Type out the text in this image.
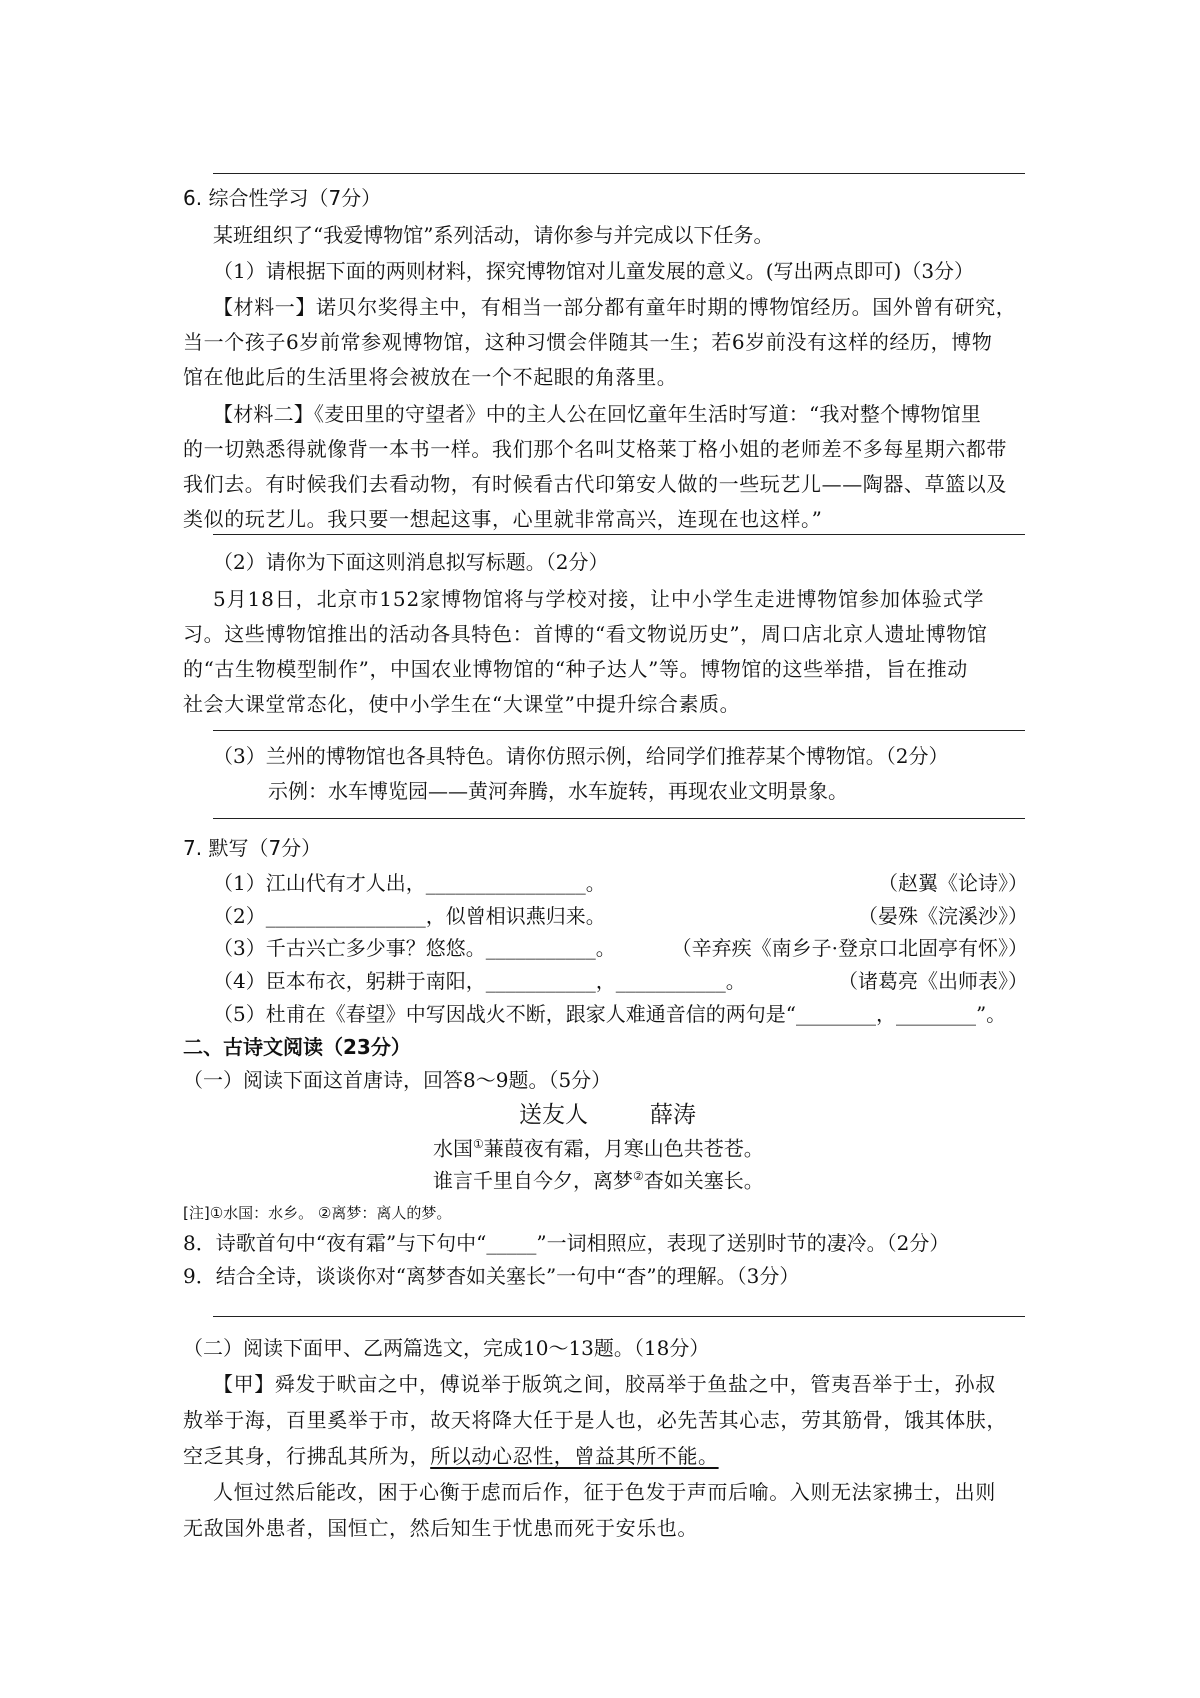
6. 综合性学习（7分）
某班组织了“我爱博物馆”系列活动，请你参与并完成以下任务。
（1）请根据下面的两则材料，探究博物馆对儿童发展的意义。(写出两点即可)（3分）
【材料一】诺贝尔奖得主中，有相当一部分都有童年时期的博物馆经历。国外曾有研究，
当一个孩子6岁前常参观博物馆，这种习惯会伴随其一生；若6岁前没有这样的经历，博物
馆在他此后的生活里将会被放在一个不起眼的角落里。
【材料二】《麦田里的守望者》中的主人公在回忆童年生活时写道：“我对整个博物馆里
的一切熟悉得就像背一本书一样。我们那个名叫艾格莱丁格小姐的老师差不多每星期六都带
我们去。有时候我们去看动物，有时候看古代印第安人做的一些玩艺儿——陶器、草篮以及
类似的玩艺儿。我只要一想起这事，心里就非常高兴，连现在也这样。”
（2）请你为下面这则消息拟写标题。（2分）
5月18日，北京市152家博物馆将与学校对接，让中小学生走进博物馆参加体验式学
习。这些博物馆推出的活动各具特色：首博的“看文物说历史”，周口店北京人遗址博物馆
的“古生物模型制作”，中国农业博物馆的“种子达人”等。博物馆的这些举措，旨在推动
社会大课堂常态化，使中小学生在“大课堂”中提升综合素质。
（3）兰州的博物馆也各具特色。请你仿照示例，给同学们推荐某个博物馆。（2分）
示例：水车博览园——黄河奔腾，水车旋转，再现农业文明景象。
7. 默写（7分）
（1）江山代有才人出，________________。	（赵翼《论诗》）
（2）________________，似曾相识燕归来。	（晏殊《浣溪沙》）
（3）千古兴亡多少事？悠悠。___________。	（辛弃疾《南乡子·登京口北固亭有怀》）
（4）臣本布衣，躬耕于南阳，___________，___________。	（诸葛亮《出师表》）
（5）杜甫在《春望》中写因战火不断，跟家人难通音信的两句是“________，________”。
二、古诗文阅读（23分）
（一）阅读下面这首唐诗，回答8～9题。（5分）
送友人	薛涛
水国①蒹葭夜有霜，月寒山色共苍苍。
谁言千里自今夕，离梦②杳如关塞长。
[注]①水国：水乡。 ②离梦：离人的梦。
8．诗歌首句中“夜有霜”与下句中“_____”一词相照应，表现了送别时节的凄冷。（2分）
9．结合全诗，谈谈你对“离梦杳如关塞长”一句中“杳”的理解。（3分）
（二）阅读下面甲、乙两篇选文，完成10～13题。（18分）
【甲】舜发于畎亩之中，傅说举于版筑之间，胶鬲举于鱼盐之中，管夷吾举于士，孙叔
敖举于海，百里奚举于市，故天将降大任于是人也，必先苦其心志，劳其筋骨，饿其体肤，
空乏其身，行拂乱其所为，所以动心忍性，曾益其所不能。
人恒过然后能改，困于心衡于虑而后作，征于色发于声而后喻。入则无法家拂士，出则
无敌国外患者，国恒亡，然后知生于忧患而死于安乐也。
